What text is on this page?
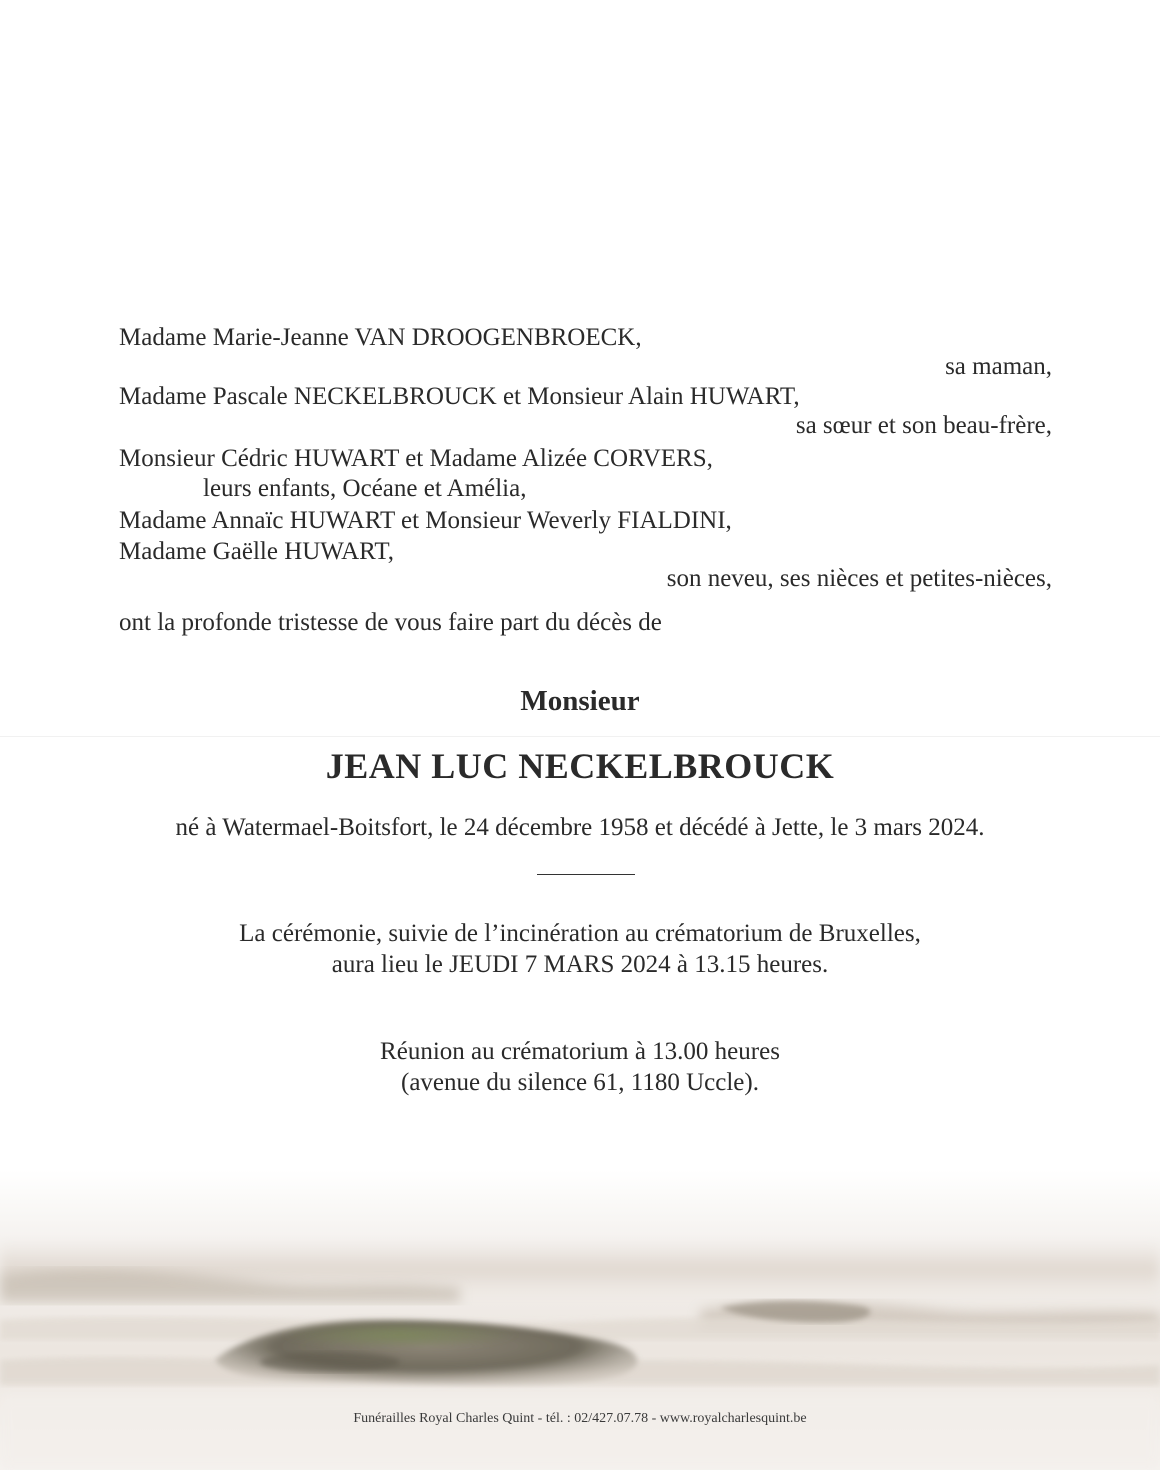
Madame Marie-Jeanne VAN DROOGENBROECK,
sa maman,
Madame Pascale NECKELBROUCK et Monsieur Alain HUWART,
sa sœur et son beau-frère,
Monsieur Cédric HUWART et Madame Alizée CORVERS,
leurs enfants, Océane et Amélia,
Madame Annaïc HUWART et Monsieur Weverly FIALDINI,
Madame Gaëlle HUWART,
son neveu, ses nièces et petites-nièces,
ont la profonde tristesse de vous faire part du décès de
Monsieur
JEAN LUC NECKELBROUCK
né à Watermael-Boitsfort, le 24 décembre 1958 et décédé à Jette, le 3 mars 2024.
La cérémonie, suivie de l’incinération au crématorium de Bruxelles,
aura lieu le JEUDI 7 MARS 2024 à 13.15 heures.
Réunion au crématorium à 13.00 heures
(avenue du silence 61, 1180 Uccle).
Funérailles Royal Charles Quint - tél. : 02/427.07.78 - www.royalcharlesquint.be
